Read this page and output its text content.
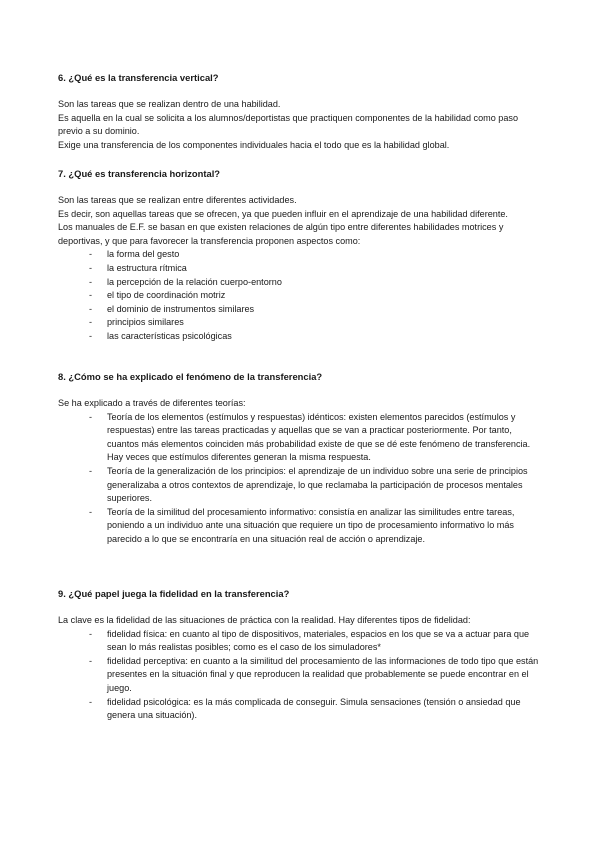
6. ¿Qué es la transferencia vertical?

Son las tareas que se realizan dentro de una habilidad.

Es aquella en la cual se solicita a los alumnos/deportistas que practiquen componentes de la habilidad como paso previo a su dominio.

Exige una transferencia de los componentes individuales hacia el todo que es la habilidad global.

7. ¿Qué es transferencia horizontal?

Son las tareas que se realizan entre diferentes actividades.

Es decir, son aquellas tareas que se ofrecen, ya que pueden influir en el aprendizaje de una habilidad diferente.

Los manuales de E.F. se basan en que existen relaciones de algún tipo entre diferentes habilidades motrices y deportivas, y que para favorecer la transferencia proponen aspectos como:

- la forma del gesto
- la estructura rítmica
- la percepción de la relación cuerpo-entorno
- el tipo de coordinación motriz
- el dominio de instrumentos similares
- principios similares
- las características psicológicas
8. ¿Cómo se ha explicado el fenómeno de la transferencia?

Se ha explicado a través de diferentes teorías:

- Teoría de los elementos (estímulos y respuestas) idénticos: existen elementos parecidos (estímulos y respuestas) entre las tareas practicadas y aquellas que se van a practicar posteriormente. Por tanto, cuantos más elementos coinciden más probabilidad existe de que se dé este fenómeno de transferencia. Hay veces que estímulos diferentes generan la misma respuesta.
- Teoría de la generalización de los principios: el aprendizaje de un individuo sobre una serie de principios generalizaba a otros contextos de aprendizaje, lo que reclamaba la participación de procesos mentales superiores.
- Teoría de la similitud del procesamiento informativo: consistía en analizar las similitudes entre tareas, poniendo a un individuo ante una situación que requiere un tipo de procesamiento informativo lo más parecido a lo que se encontraría en una situación real de acción o aprendizaje.
9. ¿Qué papel juega la fidelidad en la transferencia?

La clave es la fidelidad de las situaciones de práctica con la realidad. Hay diferentes tipos de fidelidad:

- fidelidad física: en cuanto al tipo de dispositivos, materiales, espacios en los que se va a actuar para que sean lo más realistas posibles; como es el caso de los simuladores*
- fidelidad perceptiva: en cuanto a la similitud del procesamiento de las informaciones de todo tipo que están presentes en la situación final y que reproducen la realidad que probablemente se puede encontrar en el juego.
- fidelidad psicológica: es la más complicada de conseguir. Simula sensaciones (tensión o ansiedad que genera una situación).
